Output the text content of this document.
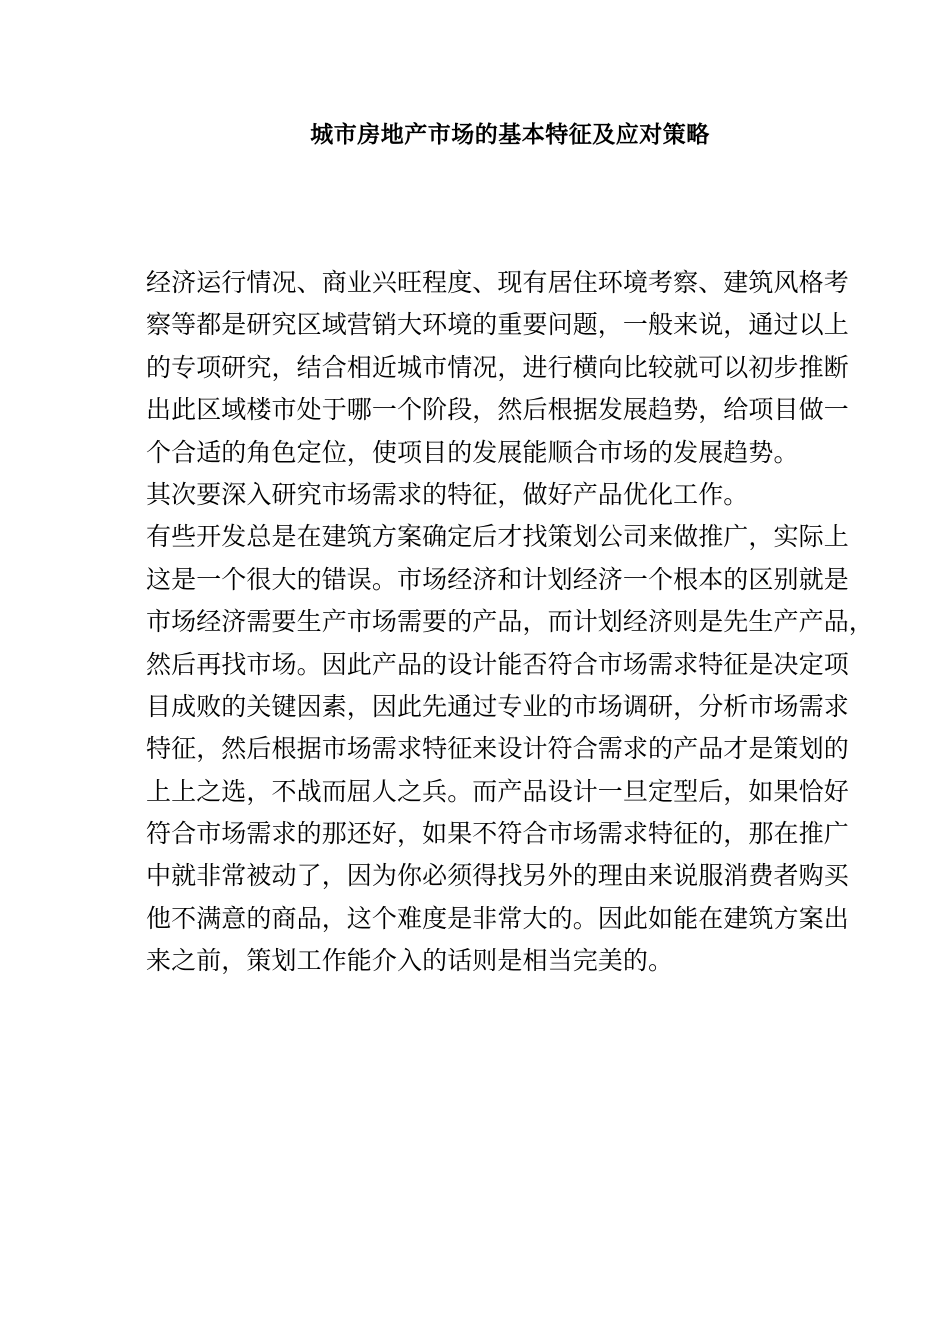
城市房地产市场的基本特征及应对策略
经济运行情况、商业兴旺程度、现有居住环境考察、建筑风格考
察等都是研究区域营销大环境的重要问题，一般来说，通过以上
的专项研究，结合相近城市情况，进行横向比较就可以初步推断
出此区域楼市处于哪一个阶段，然后根据发展趋势，给项目做一
个合适的角色定位，使项目的发展能顺合市场的发展趋势。
其次要深入研究市场需求的特征，做好产品优化工作。
有些开发总是在建筑方案确定后才找策划公司来做推广，实际上
这是一个很大的错误。市场经济和计划经济一个根本的区别就是
市场经济需要生产市场需要的产品，而计划经济则是先生产产品，
然后再找市场。因此产品的设计能否符合市场需求特征是决定项
目成败的关键因素，因此先通过专业的市场调研，分析市场需求
特征，然后根据市场需求特征来设计符合需求的产品才是策划的
上上之选，不战而屈人之兵。而产品设计一旦定型后，如果恰好
符合市场需求的那还好，如果不符合市场需求特征的，那在推广
中就非常被动了，因为你必须得找另外的理由来说服消费者购买
他不满意的商品，这个难度是非常大的。因此如能在建筑方案出
来之前，策划工作能介入的话则是相当完美的。
